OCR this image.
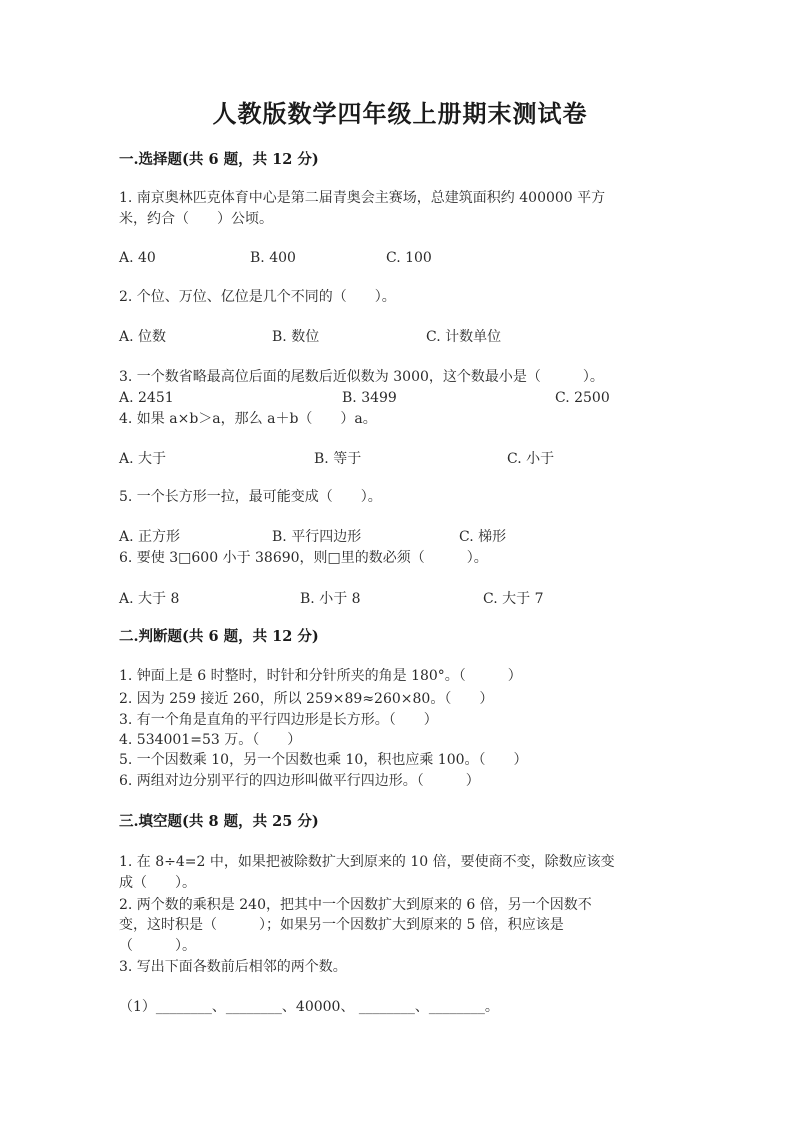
人教版数学四年级上册期末测试卷
一.选择题(共 6 题，共 12 分)
1. 南京奥林匹克体育中心是第二届青奥会主赛场，总建筑面积约 400000 平方
米，约合（　　）公顷。
A. 40	B. 400	C. 100
2. 个位、万位、亿位是几个不同的（　　）。
A. 位数	B. 数位	C. 计数单位
3. 一个数省略最高位后面的尾数后近似数为 3000，这个数最小是（　　　）。
A. 2451	B. 3499	C. 2500
4. 如果 a×b＞a，那么 a＋b（　　）a。
A. 大于	B. 等于	C. 小于
5. 一个长方形一拉，最可能变成（　　）。
A. 正方形	B. 平行四边形	C. 梯形
6. 要使 3□600 小于 38690，则□里的数必须（　　　）。
A. 大于 8	B. 小于 8	C. 大于 7
二.判断题(共 6 题，共 12 分)
1. 钟面上是 6 时整时，时针和分针所夹的角是 180°。（　　　）
2. 因为 259 接近 260，所以 259×89≈260×80。（　　）
3. 有一个角是直角的平行四边形是长方形。（　　）
4. 534001=53 万。（　　）
5. 一个因数乘 10，另一个因数也乘 10，积也应乘 100。（　　）
6. 两组对边分别平行的四边形叫做平行四边形。（　　　）
三.填空题(共 8 题，共 25 分)
1. 在 8÷4=2 中，如果把被除数扩大到原来的 10 倍，要使商不变，除数应该变
成（　　）。
2. 两个数的乘积是 240，把其中一个因数扩大到原来的 6 倍，另一个因数不
变，这时积是（　　　）；如果另一个因数扩大到原来的 5 倍，积应该是
（　　　）。
3. 写出下面各数前后相邻的两个数。
（1）________、________、40000、 ________、________。
